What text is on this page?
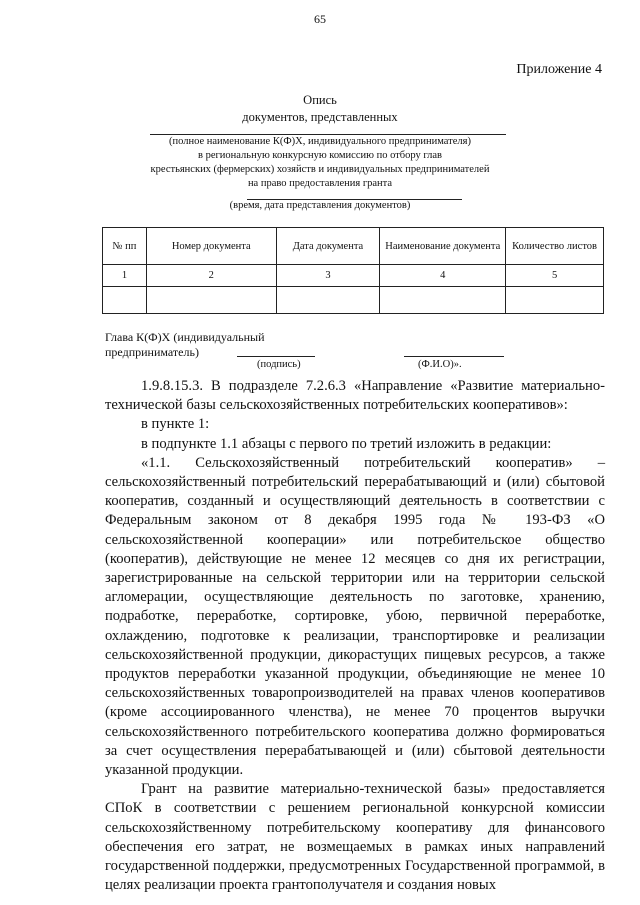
65
Приложение 4
Опись
документов, представленных
(полное наименование К(Ф)Х, индивидуального предпринимателя)
в региональную конкурсную комиссию по отбору глав
крестьянских (фермерских) хозяйств и индивидуальных предпринимателей
на право предоставления гранта
(время, дата представления документов)
№ пп	Номер документа	Дата документа	Наименование документа	Количество листов
1	2	3	4	5

Глава К(Ф)Х (индивидуальный
предприниматель)
(подпись)	(Ф.И.О)».

1.9.8.15.3. В подразделе 7.2.6.3 «Направление «Развитие материально-технической базы сельскохозяйственных потребительских кооперативов»:

в пункте 1:

в подпункте 1.1 абзацы с первого по третий изложить в редакции:

«1.1. Сельскохозяйственный потребительский кооператив» – сельскохозяйственный потребительский перерабатывающий и (или) сбытовой кооператив, созданный и осуществляющий деятельность в соответствии с Федеральным законом от 8 декабря 1995 года № 193-ФЗ «О сельскохозяйственной кооперации» или потребительское общество (кооператив), действующие не менее 12 месяцев со дня их регистрации, зарегистрированные на сельской территории или на территории сельской агломерации, осуществляющие деятельность по заготовке, хранению, подработке, переработке, сортировке, убою, первичной переработке, охлаждению, подготовке к реализации, транспортировке и реализации сельскохозяйственной продукции, дикорастущих пищевых ресурсов, а также продуктов переработки указанной продукции, объединяющие не менее 10 сельскохозяйственных товаропроизводителей на правах членов кооперативов (кроме ассоциированного членства), не менее 70 процентов выручки сельскохозяйственного потребительского кооператива должно формироваться за счет осуществления перерабатывающей и (или) сбытовой деятельности указанной продукции.

Грант на развитие материально-технической базы» предоставляется СПоК в соответствии с решением региональной конкурсной комиссии сельскохозяйственному потребительскому кооперативу для финансового обеспечения его затрат, не возмещаемых в рамках иных направлений государственной поддержки, предусмотренных Государственной программой, в целях реализации проекта грантополучателя и создания новых
